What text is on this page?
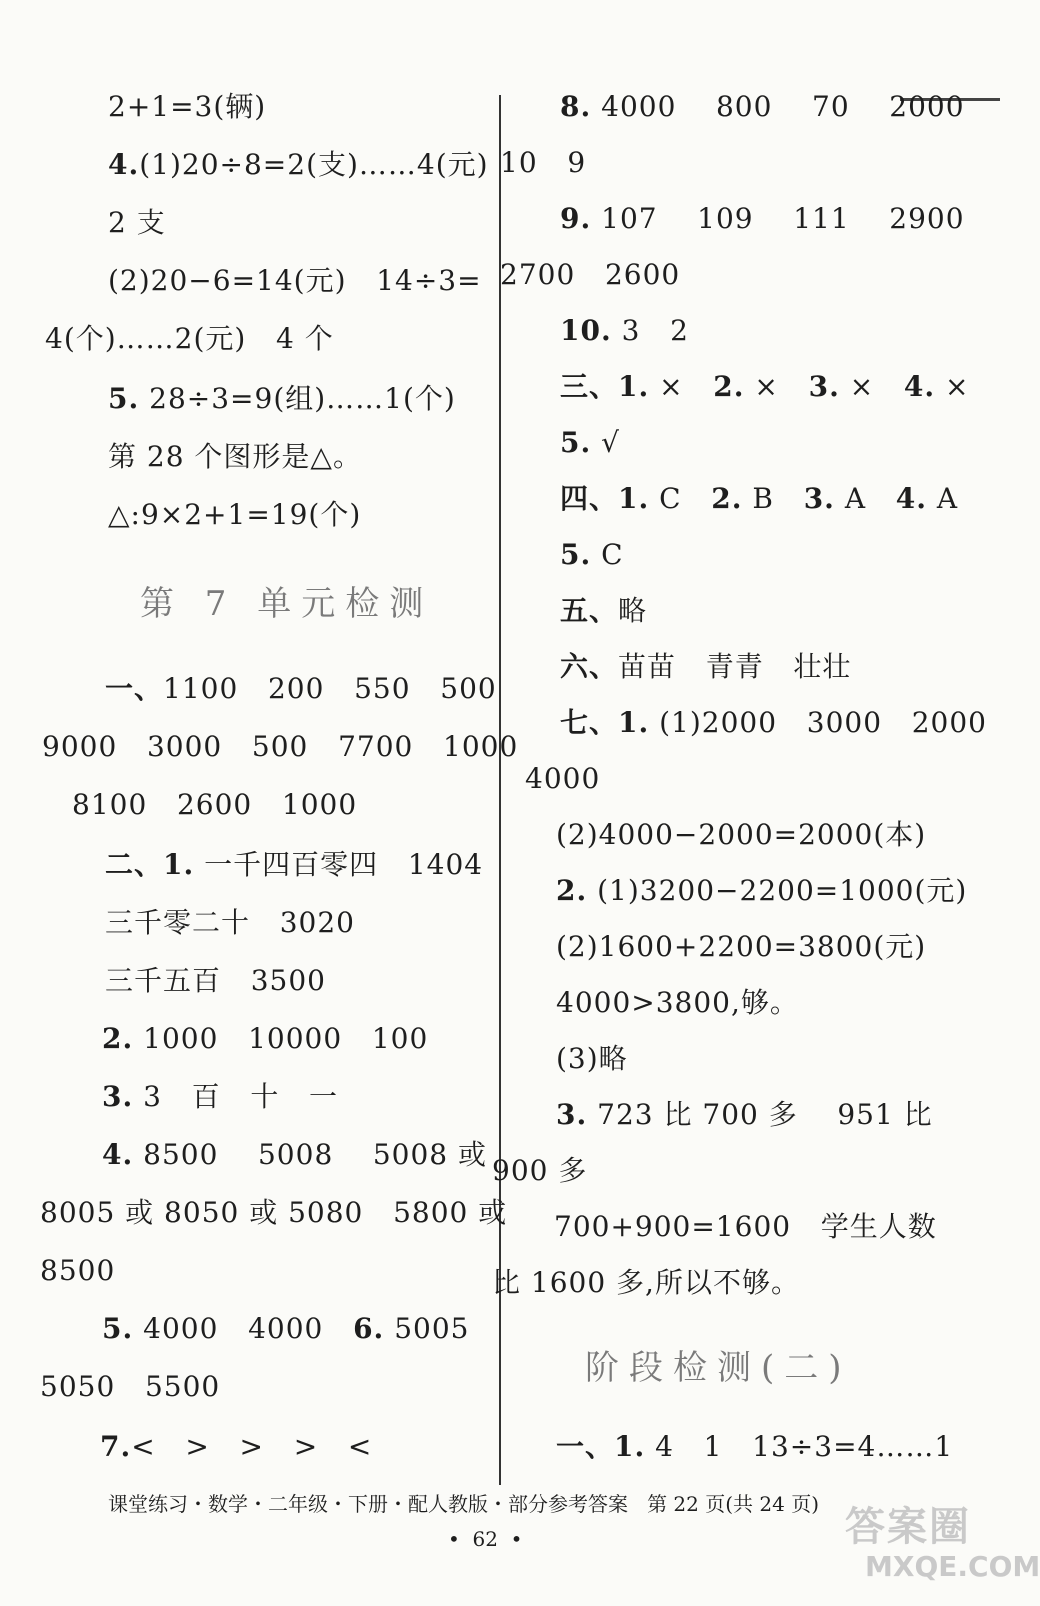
2+1=3(辆)
4.(1)20÷8=2(支)……4(元)
2 支
(2)20−6=14(元)   14÷3=
4(个)……2(元)   4 个
5. 28÷3=9(组)……1(个)
第 28 个图形是△。
△:9×2+1=19(个)
第 7 单元检测
一、1100   200   550   500
9000   3000   500   7700   1000
8100   2600   1000
二、1. 一千四百零四   1404
三千零二十   3020
三千五百   3500
2. 1000   10000   100
3. 3   百   十   一
4. 8500    5008    5008 或
8005 或 8050 或 5080   5800 或
8500
5. 4000   4000   6. 5005
5050   5500
7.<   >   >   >   <
8. 4000    800    70    2000
10   9
9. 107    109    111    2900
2700   2600
10. 3   2
三、1. ×   2. ×   3. ×   4. ×
5. √
四、1. C   2. B   3. A   4. A
5. C
五、略
六、苗苗   青青   壮壮
七、1. (1)2000   3000   2000
4000
(2)4000−2000=2000(本)
2. (1)3200−2200=1000(元)
(2)1600+2200=3800(元)
4000>3800,够。
(3)略
3. 723 比 700 多    951 比
900 多
700+900=1600   学生人数
比 1600 多,所以不够。
阶段检测(二)
一、1. 4   1   13÷3=4……1
课堂练习・数学・二年级・下册・配人教版・部分参考答案   第 22 页(共 24 页)
•  62  •	答案圈
MXQE.COM
